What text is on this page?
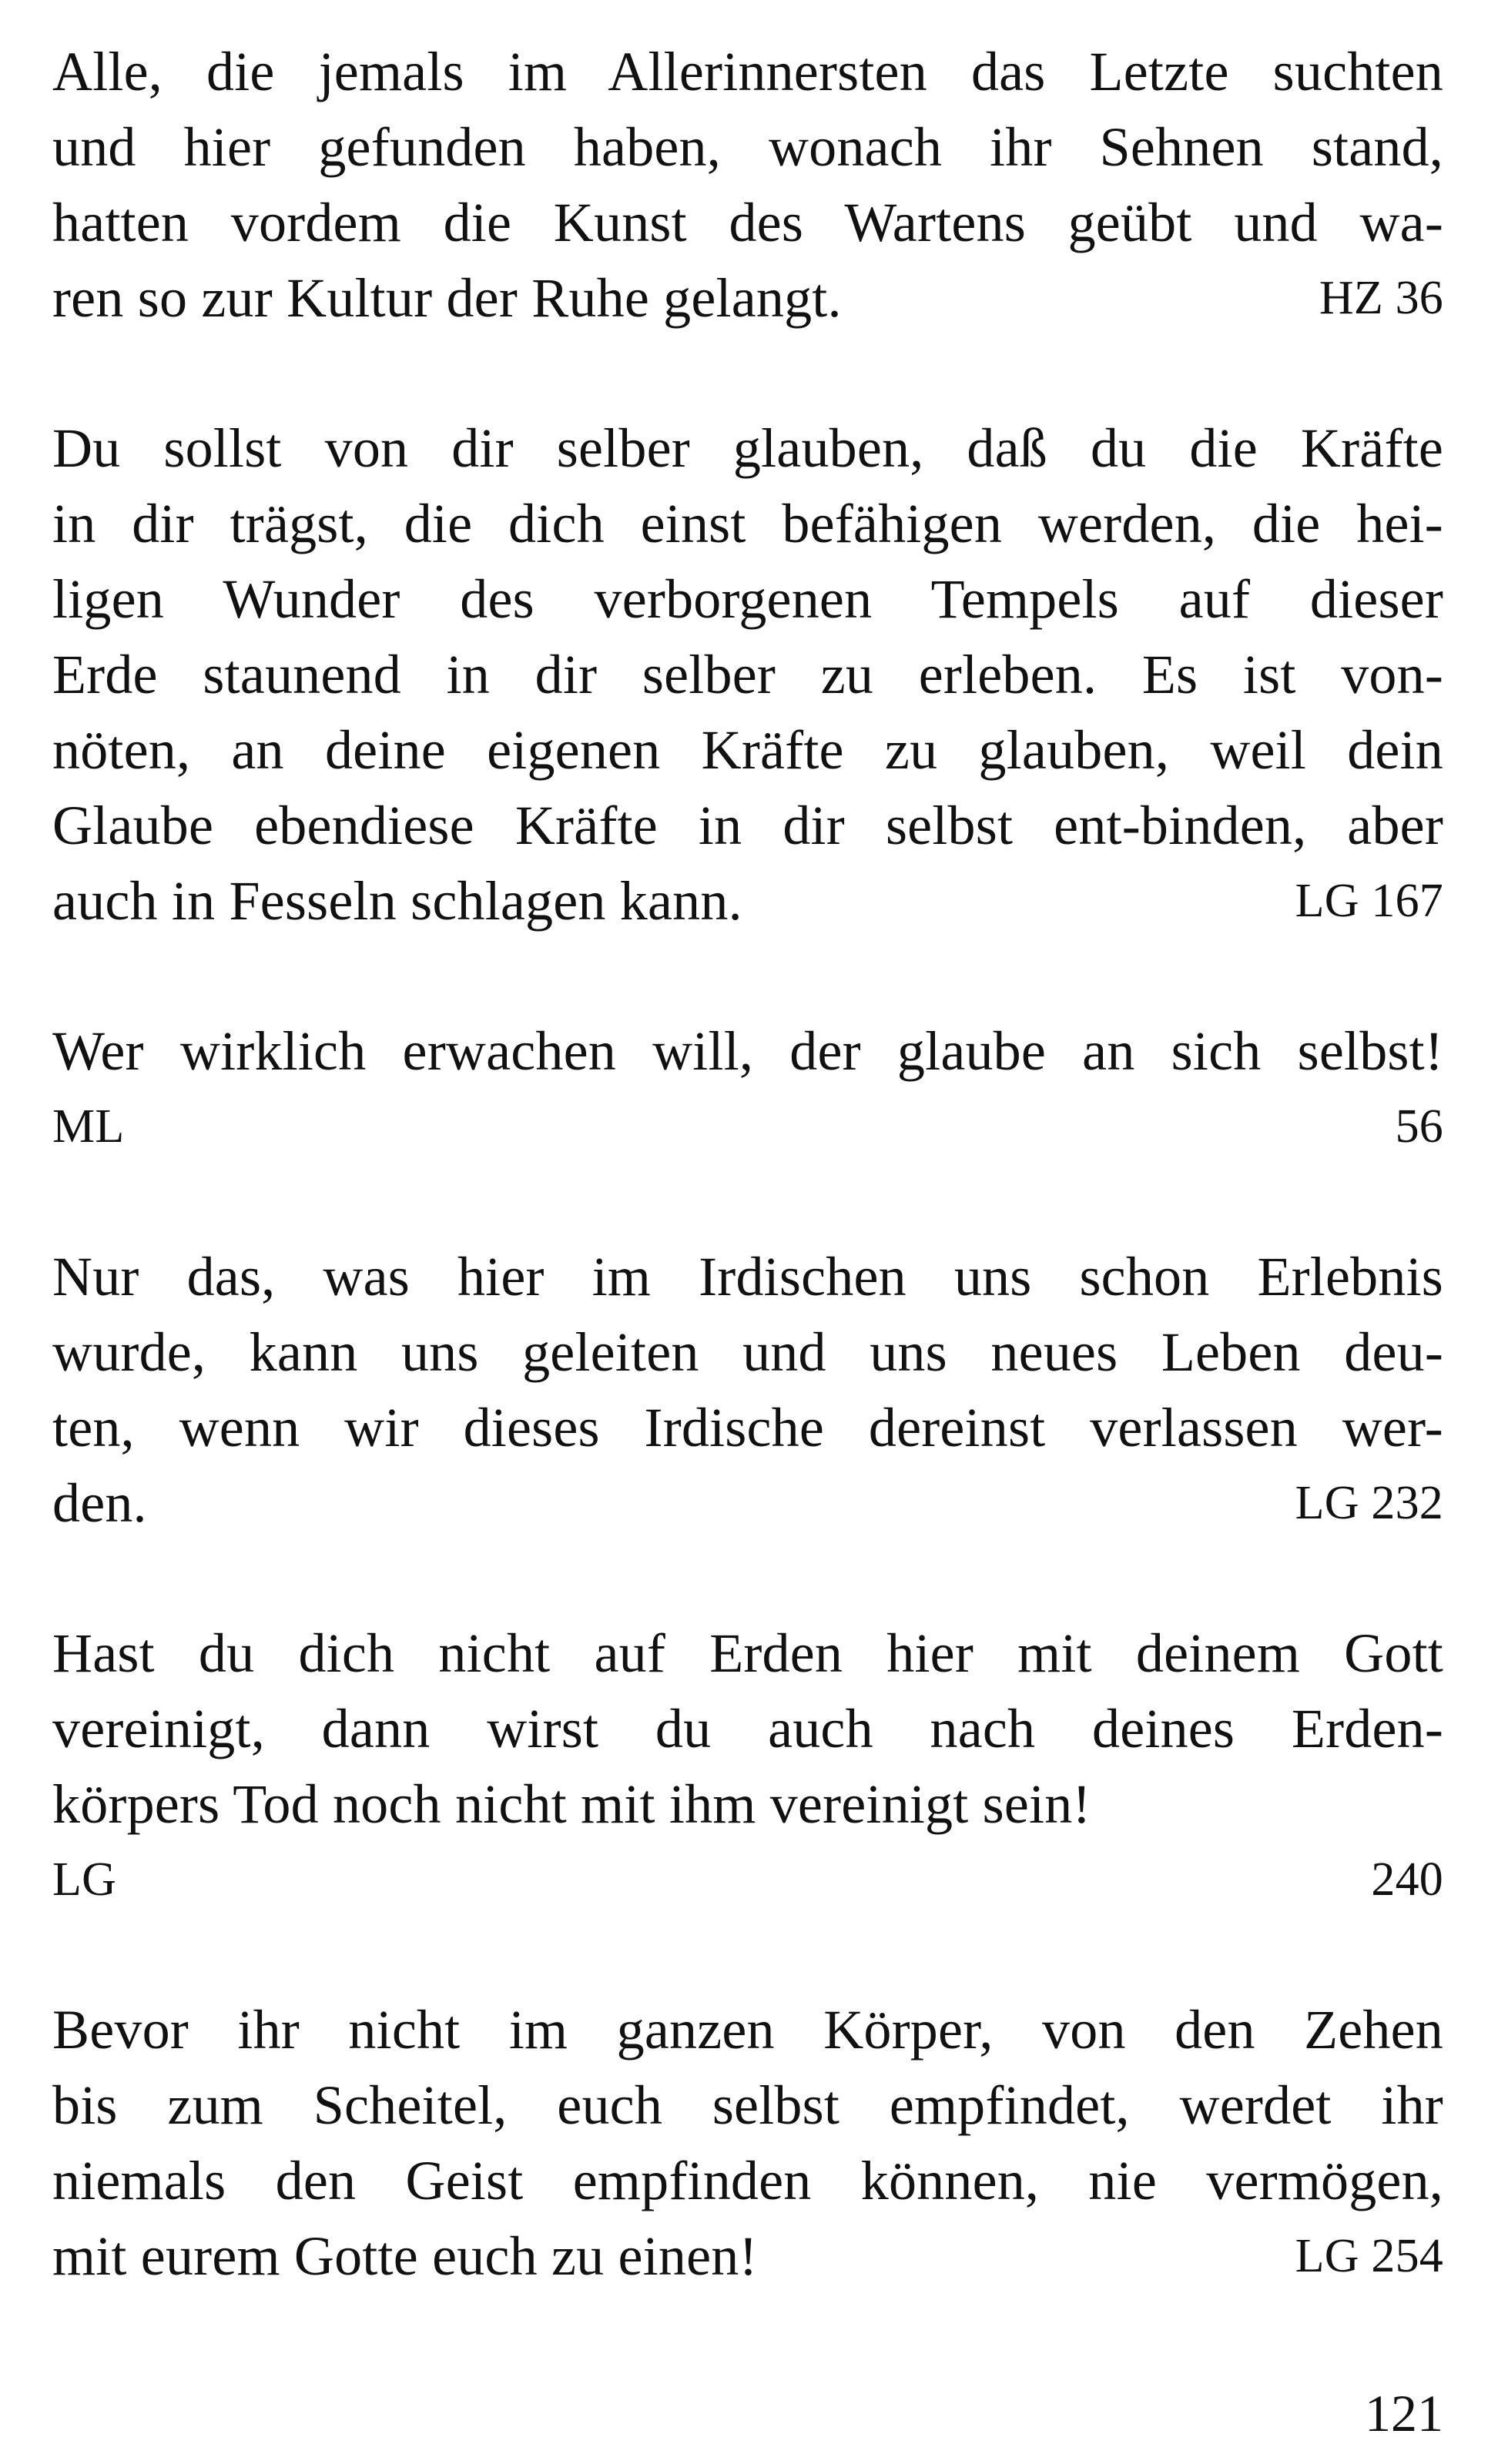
Alle, die jemals im Allerinnersten das Letzte suchten
und hier gefunden haben, wonach ihr Sehnen stand,
hatten vordem die Kunst des Wartens geübt und wa-
ren so zur Kultur der Ruhe gelangt.	HZ 36
Du sollst von dir selber glauben, daß du die Kräfte
in dir trägst, die dich einst befähigen werden, die hei-
ligen Wunder des verborgenen Tempels auf dieser
Erde staunend in dir selber zu erleben. Es ist von-
nöten, an deine eigenen Kräfte zu glauben, weil dein
Glaube ebendiese Kräfte in dir selbst ent-binden, aber
auch in Fesseln schlagen kann.	LG 167
Wer wirklich erwachen will, der glaube an sich selbst!
ML 56
Nur das, was hier im Irdischen uns schon Erlebnis
wurde, kann uns geleiten und uns neues Leben deu-
ten, wenn wir dieses Irdische dereinst verlassen wer-
den.	LG 232
Hast du dich nicht auf Erden hier mit deinem Gott
vereinigt, dann wirst du auch nach deines Erden-
körpers Tod noch nicht mit ihm vereinigt sein!
LG 240
Bevor ihr nicht im ganzen Körper, von den Zehen
bis zum Scheitel, euch selbst empfindet, werdet ihr
niemals den Geist empfinden können, nie vermögen,
mit eurem Gotte euch zu einen!	LG 254
121
